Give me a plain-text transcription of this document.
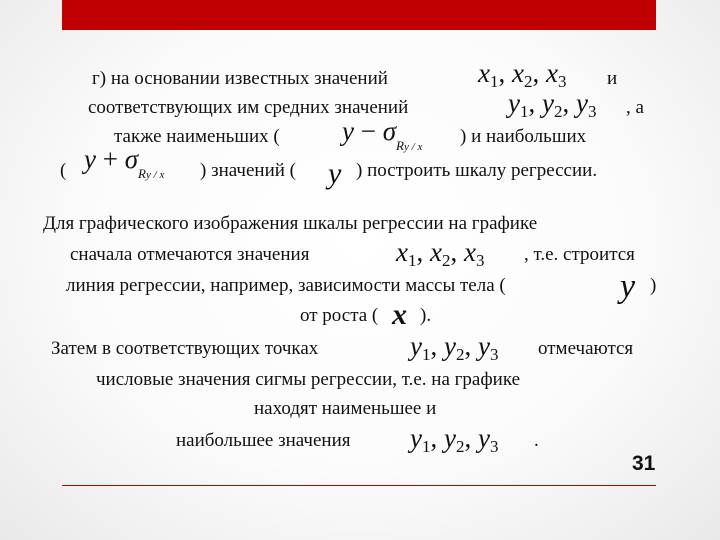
г) на основании известных значений	$x_1$, $x_2$, $x_3$ и
соответствующих им средних значений	$y_1$, $y_2$, $y_3$ , а
также наименьших ( $y - \sigma_{Ry / x}$ ) и наибольших
( $y + \sigma_{Ry / x}$ ) значений ( y ) построить шкалу регрессии.
Для графического изображения шкалы регрессии на графике
сначала отмечаются значения	$x_1$, $x_2$, $x_3$ , т.е. строится
линия регрессии, например, зависимости массы тела (	y )
от роста ( x ).
Затем в соответствующих точках	$y_1$, $y_2$, $y_3$ отмечаются
числовые значения сигмы регрессии, т.е. на графике
находят наименьшее и
наибольшее значения $y_1$, $y_2$, $y_3$ .
31
